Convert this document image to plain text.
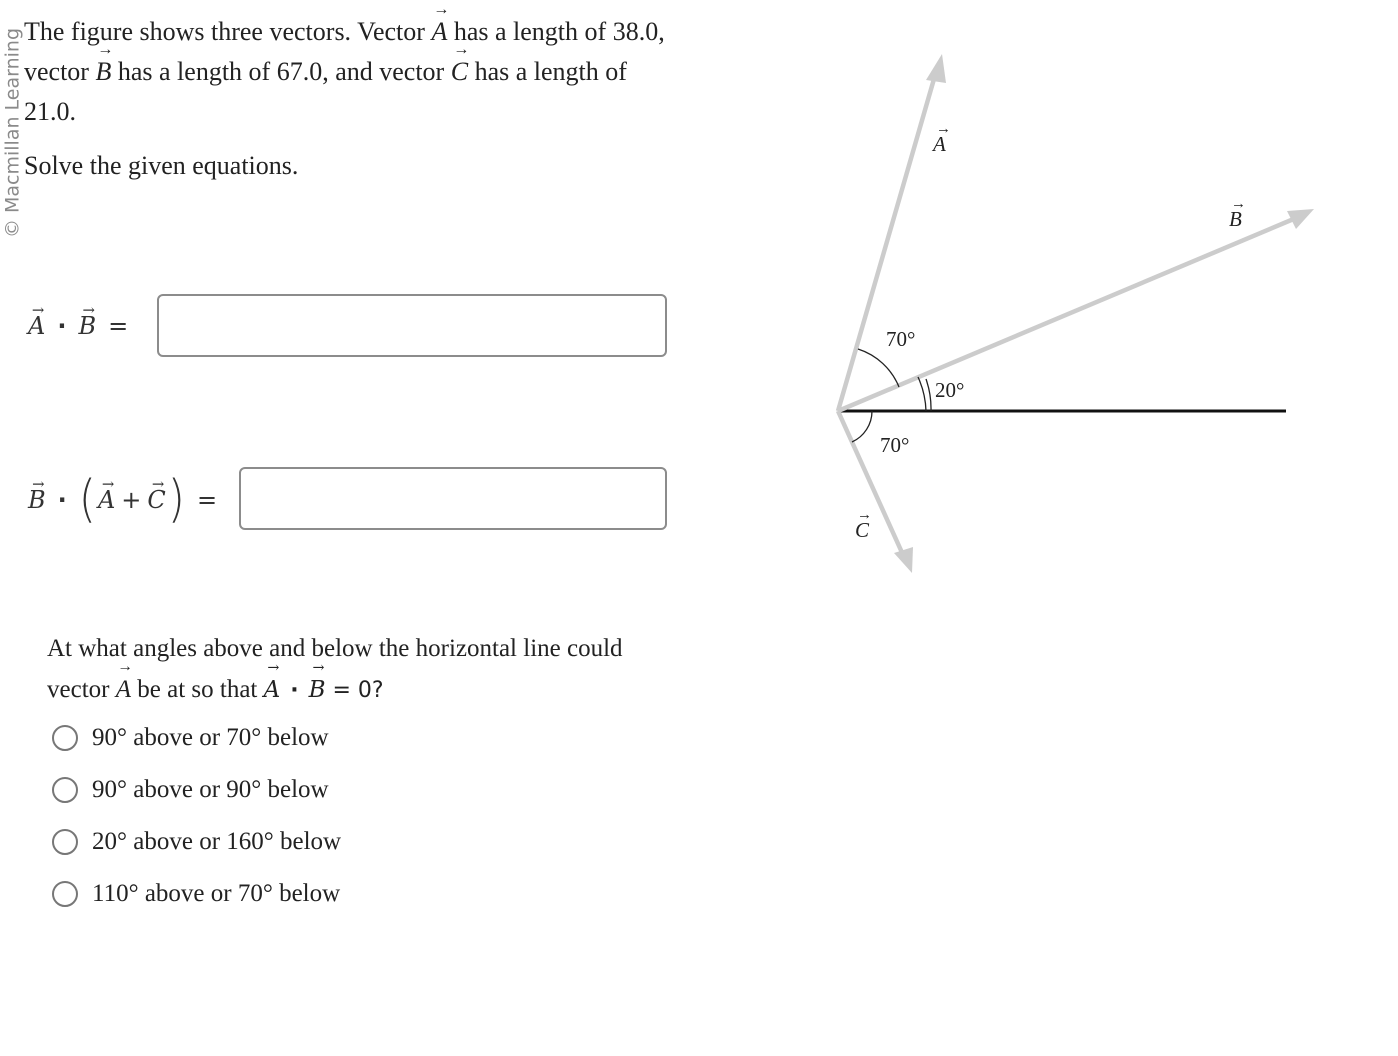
© Macmillan Learning The figure shows three vectors. Vector → A has a length of 38.0,
vector → B has a length of 67.0, and vector → C has a length of
21.0.

Solve the given equations.

→ A · → B =
→ B · ( → A + → C ) =
At what angles above and below the horizontal line could
vector → A be at so that → A · → B = 0?
90° above or 70° below
90° above or 90° below
20° above or 160° below
110° above or 70° below
70°
20°
70°
A
→
B
→
C
→
